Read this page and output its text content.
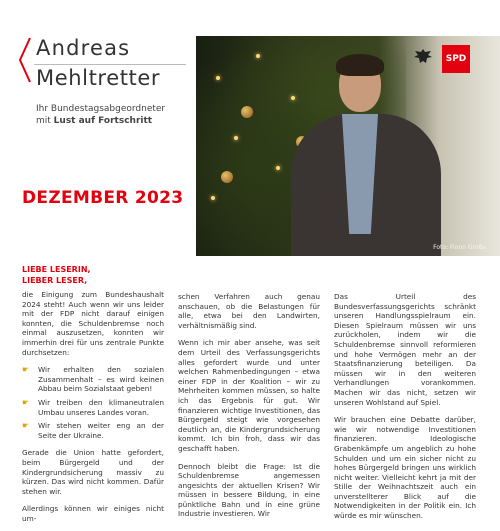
Andreas
Mehltretter
Ihr Bundestagsabgeordneter
mit Lust auf Fortschritt
SPD
Foto: Fionn Große
DEZEMBER 2023
LIEBE LESERIN,
LIEBER LESER,

die Einigung zum Bundeshaushalt 2024 steht! Auch wenn wir uns leider mit der FDP nicht darauf einigen konnten, die Schuldenbremse noch einmal auszusetzen, konnten wir immerhin drei für uns zentrale Punkte durchsetzen:

☛	Wir erhalten den sozialen Zusammenhalt – es wird keinen Abbau beim Sozialstaat geben!
☛	Wir treiben den klimaneutralen Umbau unseres Landes voran.
☛	Wir stehen weiter eng an der Seite der Ukraine.

Gerade die Union hatte gefordert, beim Bürgergeld und der Kindergrundsicherung massiv zu kürzen. Das wird nicht kommen. Dafür stehen wir.

Allerdings können wir einiges nicht um-

schen Verfahren auch genau anschauen, ob die Belastungen für alle, etwa bei den Landwirten, verhältnismäßig sind.

Wenn ich mir aber ansehe, was seit dem Urteil des Verfassungsgerichts alles gefordert wurde und unter welchen Rahmenbedingungen – etwa einer FDP in der Koalition – wir zu Mehrheiten kommen müssen, so halte ich das Ergebnis für gut. Wir finanzieren wichtige Investitionen, das Bürgergeld steigt wie vorgesehen deutlich an, die Kindergrundsicherung kommt. Ich bin froh, dass wir das geschafft haben.

Dennoch bleibt die Frage: Ist die Schuldenbremse angemessen angesichts der aktuellen Krisen? Wir müssen in bessere Bildung, in eine pünktliche Bahn und in eine grüne Industrie investieren. Wir

Das Urteil des Bundesverfassungsgerichts schränkt unseren Handlungsspielraum ein. Diesen Spielraum müssen wir uns zurückholen, indem wir die Schuldenbremse sinnvoll reformieren und hohe Vermögen mehr an der Staatsfinanzierung beteiligen. Da müssen wir in den weiteren Verhandlungen vorankommen. Machen wir das nicht, setzen wir unseren Wohlstand auf Spiel.

Wir brauchen eine Debatte darüber, wie wir notwendige Investitionen finanzieren. Ideologische Grabenkämpfe um angeblich zu hohe Schulden und um ein sicher nicht zu hohes Bürgergeld bringen uns wirklich nicht weiter. Vielleicht kehrt ja mit der Stille der Weihnachtszeit auch ein unverstellterer Blick auf die Notwendigkeiten in der Politik ein. Ich würde es mir wünschen.
